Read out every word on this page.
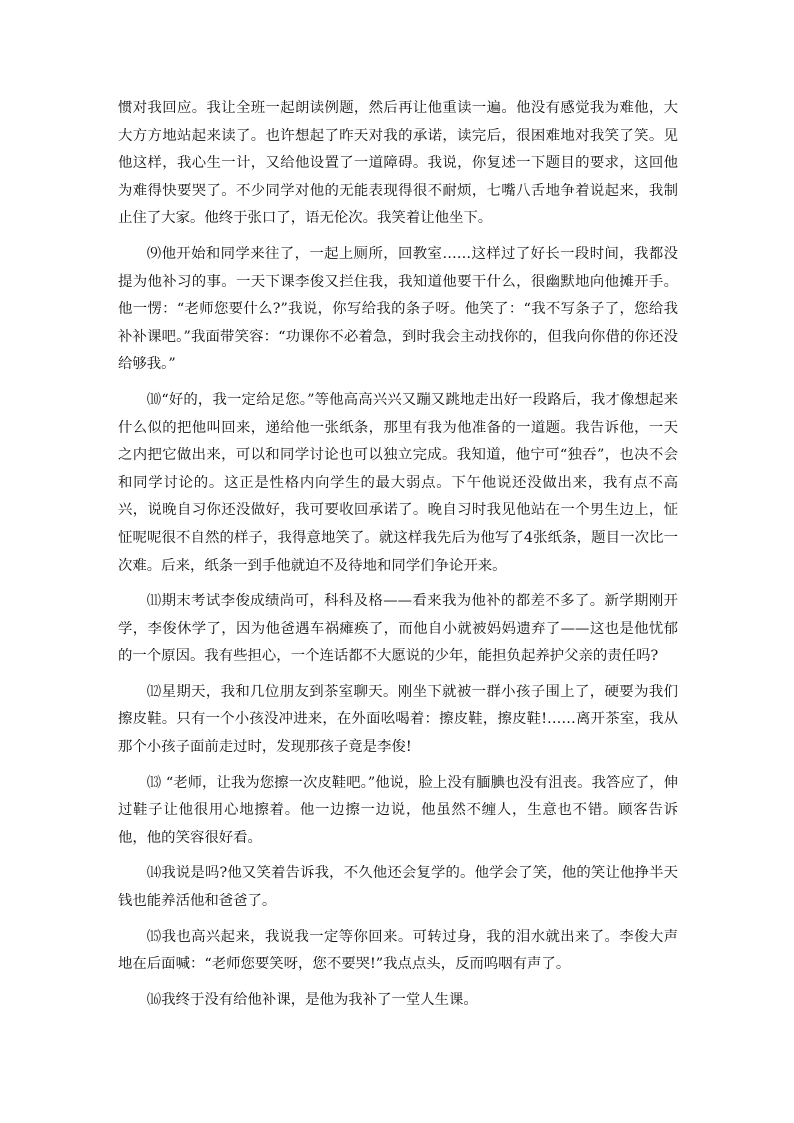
惯对我回应。我让全班一起朗读例题，然后再让他重读一遍。他没有感觉我为难他，大大方方地站起来读了。也许想起了昨天对我的承诺，读完后，很困难地对我笑了笑。见他这样，我心生一计，又给他设置了一道障碍。我说，你复述一下题目的要求，这回他为难得快要哭了。不少同学对他的无能表现得很不耐烦，七嘴八舌地争着说起来，我制止住了大家。他终于张口了，语无伦次。我笑着让他坐下。

⑼他开始和同学来往了，一起上厕所，回教室……这样过了好长一段时间，我都没提为他补习的事。一天下课李俊又拦住我，我知道他要干什么，很幽默地向他摊开手。他一愣：“老师您要什么?”我说，你写给我的条子呀。他笑了：“我不写条子了，您给我补补课吧。”我面带笑容：“功课你不必着急，到时我会主动找你的，但我向你借的你还没给够我。”

⑽“好的，我一定给足您。”等他高高兴兴又蹦又跳地走出好一段路后，我才像想起来什么似的把他叫回来，递给他一张纸条，那里有我为他准备的一道题。我告诉他，一天之内把它做出来，可以和同学讨论也可以独立完成。我知道，他宁可“独吞”，也决不会和同学讨论的。这正是性格内向学生的最大弱点。下午他说还没做出来，我有点不高兴，说晚自习你还没做好，我可要收回承诺了。晚自习时我见他站在一个男生边上，怔怔呢呢很不自然的样子，我得意地笑了。就这样我先后为他写了4张纸条，题目一次比一次难。后来，纸条一到手他就迫不及待地和同学们争论开来。

⑾期末考试李俊成绩尚可，科科及格——看来我为他补的都差不多了。新学期刚开学，李俊休学了，因为他爸遇车祸瘫痪了，而他自小就被妈妈遗弃了——这也是他忧郁的一个原因。我有些担心，一个连话都不大愿说的少年，能担负起养护父亲的责任吗?

⑿星期天，我和几位朋友到茶室聊天。刚坐下就被一群小孩子围上了，硬要为我们擦皮鞋。只有一个小孩没冲进来，在外面吆喝着：擦皮鞋，擦皮鞋!……离开茶室，我从那个小孩子面前走过时，发现那孩子竟是李俊!

⒀ “老师，让我为您擦一次皮鞋吧。”他说，脸上没有腼腆也没有沮丧。我答应了，伸过鞋子让他很用心地擦着。他一边擦一边说，他虽然不缠人，生意也不错。顾客告诉他，他的笑容很好看。

⒁我说是吗?他又笑着告诉我，不久他还会复学的。他学会了笑，他的笑让他挣半天钱也能养活他和爸爸了。

⒂我也高兴起来，我说我一定等你回来。可转过身，我的泪水就出来了。李俊大声地在后面喊：“老师您要笑呀，您不要哭!”我点点头，反而呜咽有声了。

⒃我终于没有给他补课，是他为我补了一堂人生课。
